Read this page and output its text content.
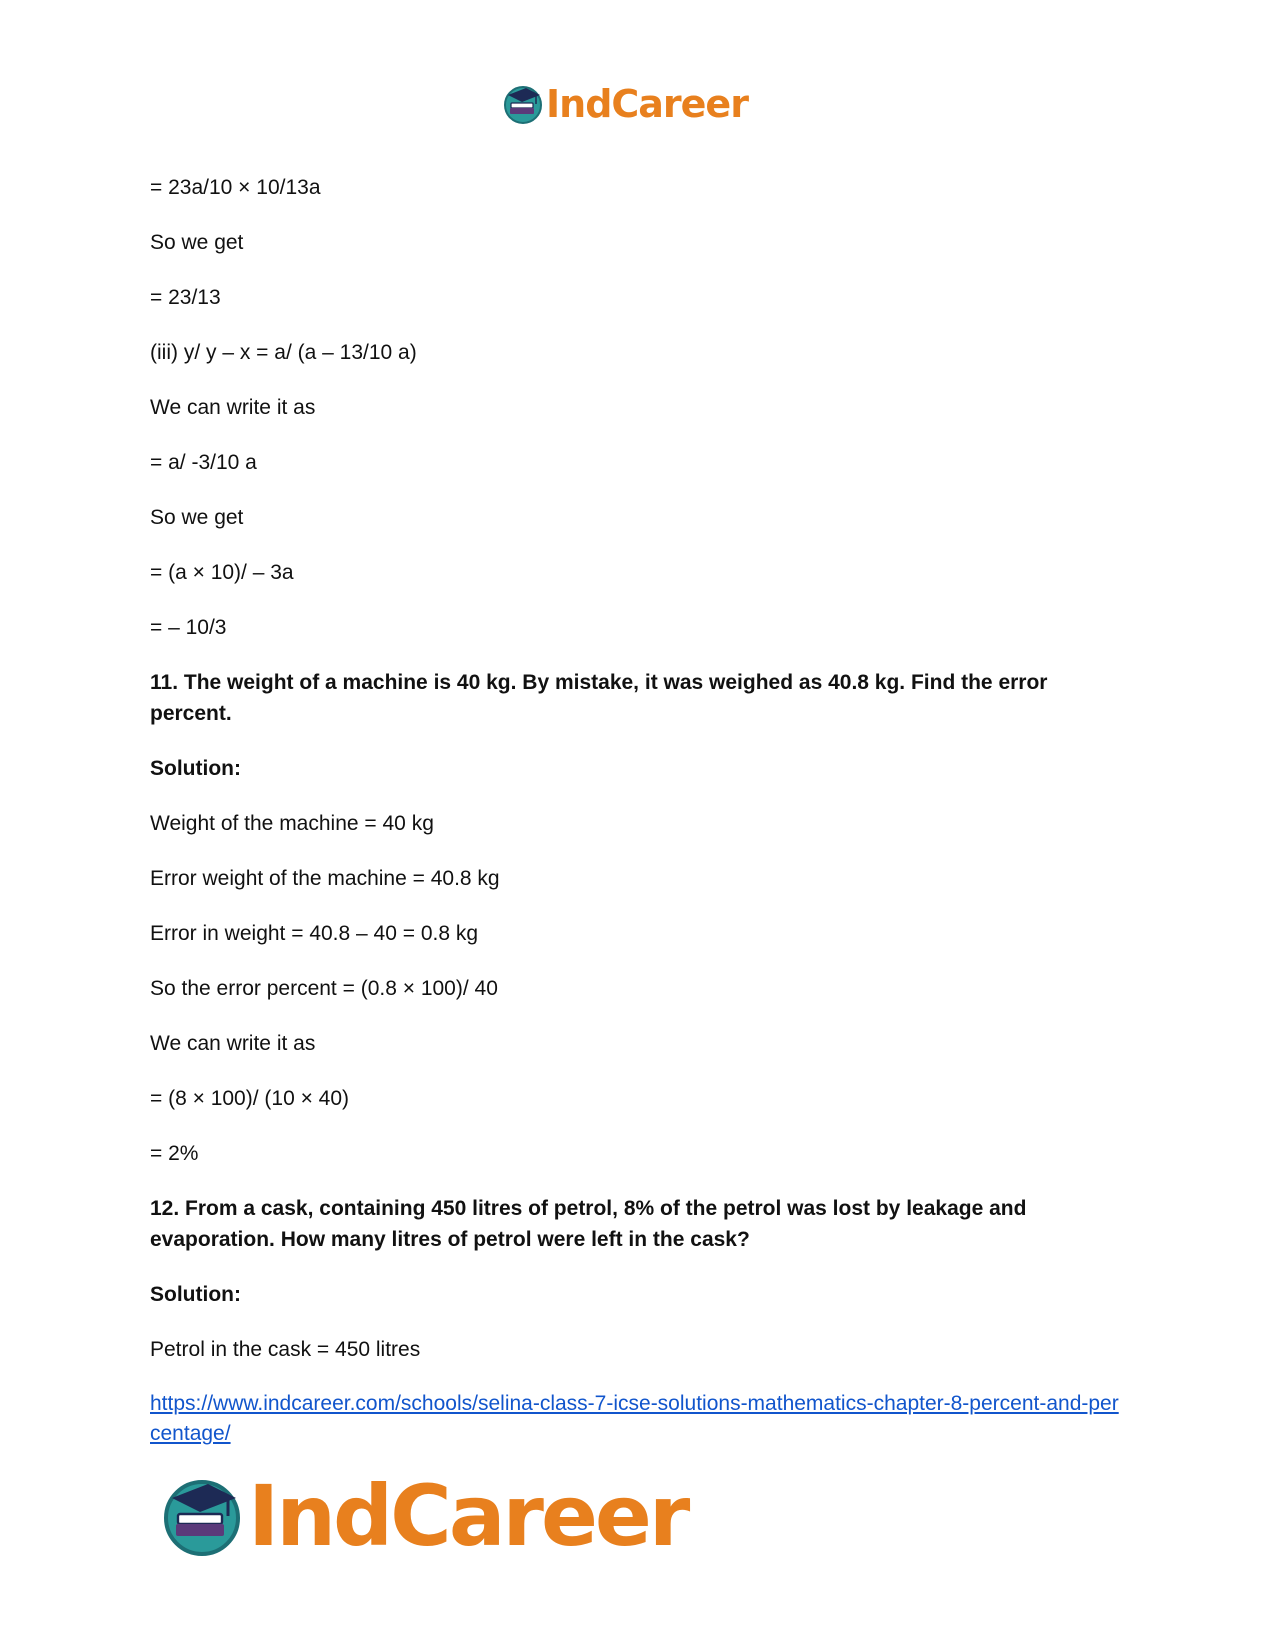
IndCareer

= 23a/10 × 10/13a

So we get

= 23/13

(iii) y/ y – x = a/ (a – 13/10 a)

We can write it as

= a/ -3/10 a

So we get

= (a × 10)/ – 3a

= – 10/3

11. The weight of a machine is 40 kg. By mistake, it was weighed as 40.8 kg. Find the error percent.

Solution:

Weight of the machine = 40 kg

Error weight of the machine = 40.8 kg

Error in weight = 40.8 – 40 = 0.8 kg

So the error percent = (0.8 × 100)/ 40

We can write it as

= (8 × 100)/ (10 × 40)

= 2%

12. From a cask, containing 450 litres of petrol, 8% of the petrol was lost by leakage and evaporation. How many litres of petrol were left in the cask?

Solution:

Petrol in the cask = 450 litres

https://www.indcareer.com/schools/selina-class-7-icse-solutions-mathematics-chapter-8-percent-and-percentage/
IndCareer
